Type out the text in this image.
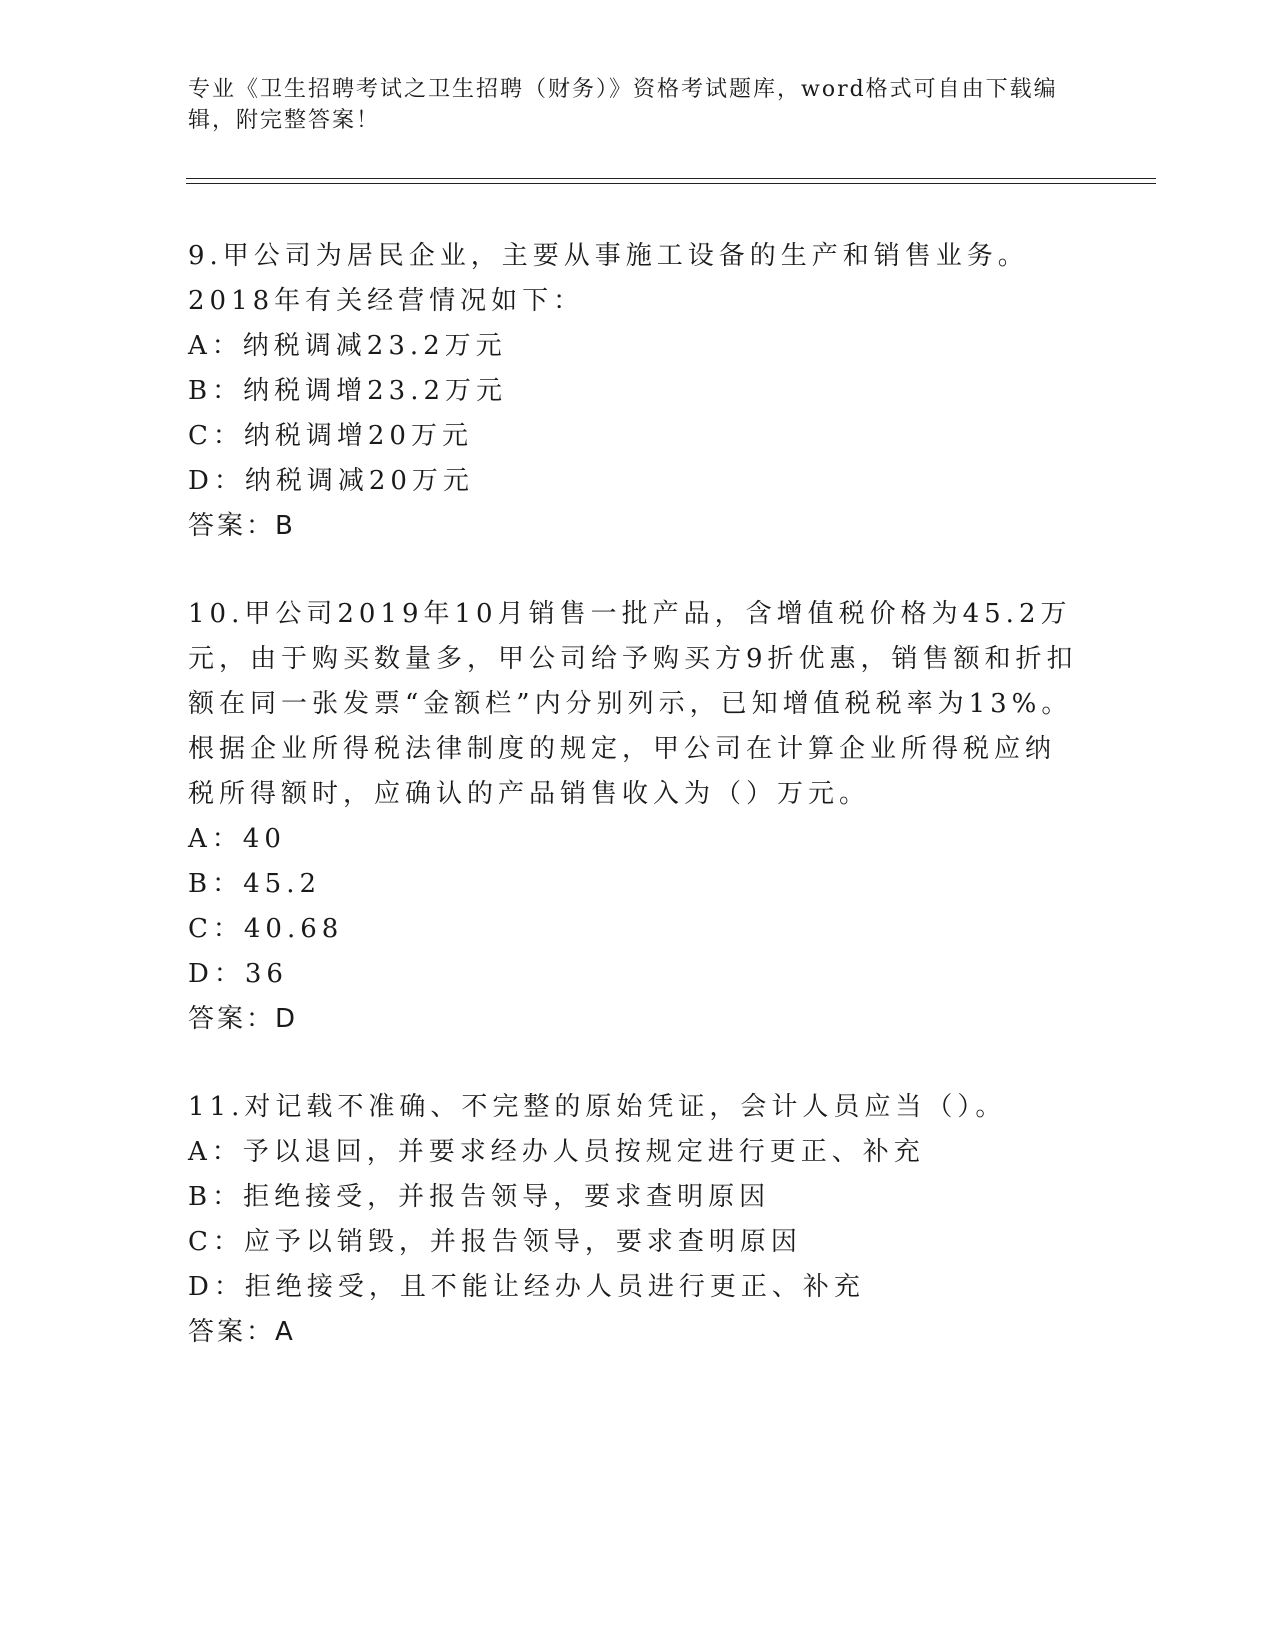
专业《卫生招聘考试之卫生招聘（财务）》资格考试题库，word格式可自由下载编辑，附完整答案！
9.甲公司为居民企业，主要从事施工设备的生产和销售业务。2018年有关经营情况如下：
A：纳税调减23.2万元
B：纳税调增23.2万元
C：纳税调增20万元
D：纳税调减20万元
答案：B
10.甲公司2019年10月销售一批产品，含增值税价格为45.2万元，由于购买数量多，甲公司给予购买方9折优惠，销售额和折扣额在同一张发票“金额栏”内分别列示，已知增值税税率为13%。根据企业所得税法律制度的规定，甲公司在计算企业所得税应纳税所得额时，应确认的产品销售收入为（）万元。
A：40
B：45.2
C：40.68
D：36
答案：D
11.对记载不准确、不完整的原始凭证，会计人员应当（）。
A：予以退回，并要求经办人员按规定进行更正、补充
B：拒绝接受，并报告领导，要求查明原因
C：应予以销毁，并报告领导，要求查明原因
D：拒绝接受，且不能让经办人员进行更正、补充
答案：A
